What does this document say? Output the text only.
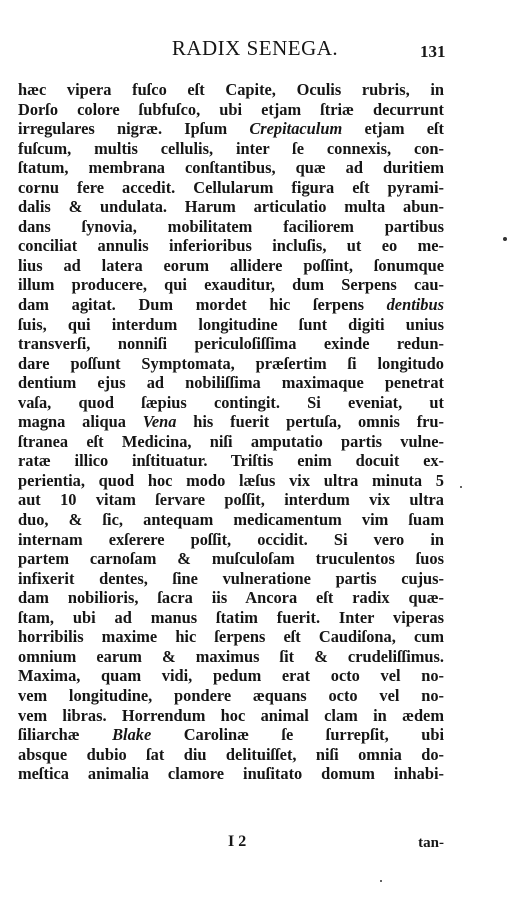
RADIX SENEGA.	131
hæc vipera fuſco eſt Capite, Oculis rubris, in
Dorſo colore ſubfuſco, ubi etjam ſtriæ decurrunt
irregulares nigræ. Ipſum Crepitaculum etjam eſt
fuſcum, multis cellulis, inter ſe connexis, con-
ſtatum, membrana conſtantibus, quæ ad duritiem
cornu fere accedit. Cellularum figura eſt pyrami-
dalis & undulata. Harum articulatio multa abun-
dans ſynovia, mobilitatem faciliorem partibus
conciliat annulis inferioribus incluſis, ut eo me-
lius ad latera eorum allidere poſſint, ſonumque
illum producere, qui exauditur, dum Serpens cau-
dam agitat. Dum mordet hic ſerpens dentibus
ſuis, qui interdum longitudine ſunt digiti unius
transverſi, nonniſi periculoſiſſima exinde redun-
dare poſſunt Symptomata, præſertim ſi longitudo
dentium ejus ad nobiliſſima maximaque penetrat
vaſa, quod ſæpius contingit. Si eveniat, ut
magna aliqua Vena his fuerit pertuſa, omnis fru-
ſtranea eſt Medicina, niſi amputatio partis vulne-
ratæ illico inſtituatur. Triſtis enim docuit ex-
perientia, quod hoc modo læſus vix ultra minuta 5
aut 10 vitam ſervare poſſit, interdum vix ultra
duo, & ſic, antequam medicamentum vim ſuam
internam exſerere poſſit, occidit. Si vero in
partem carnoſam & muſculoſam truculentos ſuos
infixerit dentes, ſine vulneratione partis cujus-
dam nobilioris, ſacra iis Ancora eſt radix quæ-
ſtam, ubi ad manus ſtatim fuerit. Inter viperas
horribilis maxime hic ſerpens eſt Caudiſona, cum
omnium earum & maximus ſit & crudeliſſimus.
Maxima, quam vidi, pedum erat octo vel no-
vem longitudine, pondere æquans octo vel no-
vem libras. Horrendum hoc animal clam in ædem
ſiliarchæ Blake Carolinæ ſe ſurrepſit, ubi
absque dubio ſat diu delituiſſet, niſi omnia do-
meſtica animalia clamore inuſitato domum inhabi-
I 2	tan-
